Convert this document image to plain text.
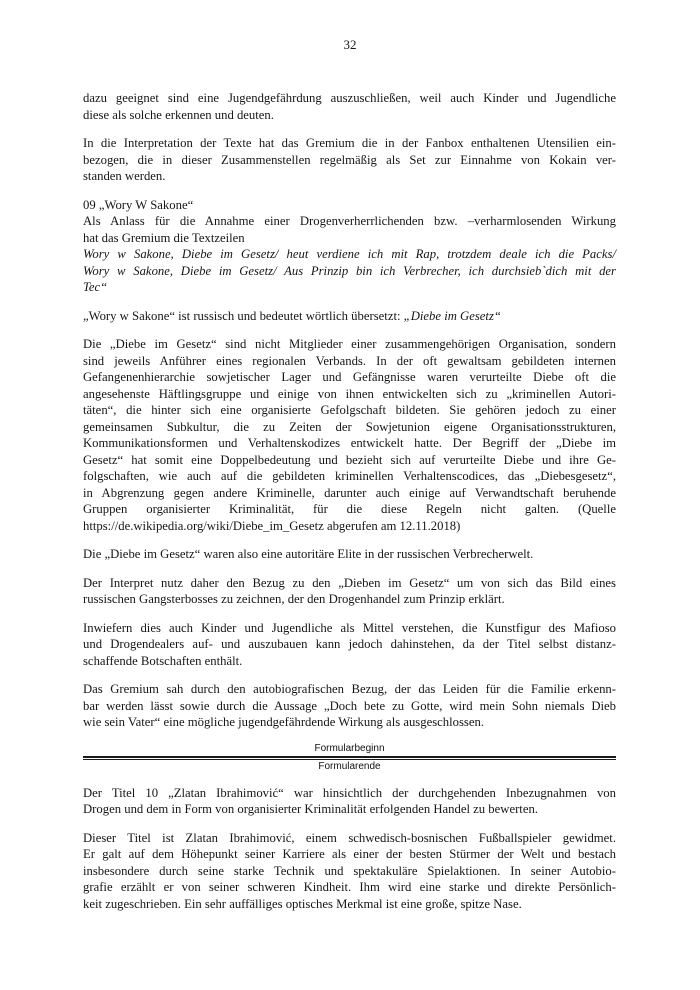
32
dazu geeignet sind eine Jugendgefährdung auszuschließen, weil auch Kinder und Jugendliche
diese als solche erkennen und deuten.
In die Interpretation der Texte hat das Gremium die in der Fanbox enthaltenen Utensilien ein-
bezogen, die in dieser Zusammenstellen regelmäßig als Set zur Einnahme von Kokain ver-
standen werden.
09 „Wory W Sakone“
Als Anlass für die Annahme einer Drogenverherrlichenden bzw. –verharmlosenden Wirkung
hat das Gremium die Textzeilen
Wory w Sakone, Diebe im Gesetz/ heut verdiene ich mit Rap, trotzdem deale ich die Packs/
Wory w Sakone, Diebe im Gesetz/ Aus Prinzip bin ich Verbrecher, ich durchsieb`dich mit der
Tec“
„Wory w Sakone“ ist russisch und bedeutet wörtlich übersetzt: „Diebe im Gesetz“
Die „Diebe im Gesetz“ sind nicht Mitglieder einer zusammengehörigen Organisation, sondern
sind jeweils Anführer eines regionalen Verbands. In der oft gewaltsam gebildeten internen
Gefangenenhierarchie sowjetischer Lager und Gefängnisse waren verurteilte Diebe oft die
angesehenste Häftlingsgruppe und einige von ihnen entwickelten sich zu „kriminellen Autori-
täten“, die hinter sich eine organisierte Gefolgschaft bildeten. Sie gehören jedoch zu einer
gemeinsamen Subkultur, die zu Zeiten der Sowjetunion eigene Organisationsstrukturen,
Kommunikationsformen und Verhaltenskodizes entwickelt hatte. Der Begriff der „Diebe im
Gesetz“ hat somit eine Doppelbedeutung und bezieht sich auf verurteilte Diebe und ihre Ge-
folgschaften, wie auch auf die gebildeten kriminellen Verhaltenscodices, das „Diebesgesetz“,
in Abgrenzung gegen andere Kriminelle, darunter auch einige auf Verwandtschaft beruhende
Gruppen organisierter Kriminalität, für die diese Regeln nicht galten. (Quelle
https://de.wikipedia.org/wiki/Diebe_im_Gesetz abgerufen am 12.11.2018)
Die „Diebe im Gesetz“ waren also eine autoritäre Elite in der russischen Verbrecherwelt.
Der Interpret nutz daher den Bezug zu den „Dieben im Gesetz“ um von sich das Bild eines
russischen Gangsterbosses zu zeichnen, der den Drogenhandel zum Prinzip erklärt.
Inwiefern dies auch Kinder und Jugendliche als Mittel verstehen, die Kunstfigur des Mafioso
und Drogendealers auf- und auszubauen kann jedoch dahinstehen, da der Titel selbst distanz-
schaffende Botschaften enthält.
Das Gremium sah durch den autobiografischen Bezug, der das Leiden für die Familie erkenn-
bar werden lässt sowie durch die Aussage „Doch bete zu Gotte, wird mein Sohn niemals Dieb
wie sein Vater“ eine mögliche jugendgefährdende Wirkung als ausgeschlossen.
Formularbeginn
Formularende
Der Titel 10 „Zlatan Ibrahimović“ war hinsichtlich der durchgehenden Inbezugnahmen von
Drogen und dem in Form von organisierter Kriminalität erfolgenden Handel zu bewerten.
Dieser Titel ist Zlatan Ibrahimović, einem schwedisch-bosnischen Fußballspieler gewidmet.
Er galt auf dem Höhepunkt seiner Karriere als einer der besten Stürmer der Welt und bestach
insbesondere durch seine starke Technik und spektakuläre Spielaktionen. In seiner Autobio-
grafie erzählt er von seiner schweren Kindheit. Ihm wird eine starke und direkte Persönlich-
keit zugeschrieben. Ein sehr auffälliges optisches Merkmal ist eine große, spitze Nase.
